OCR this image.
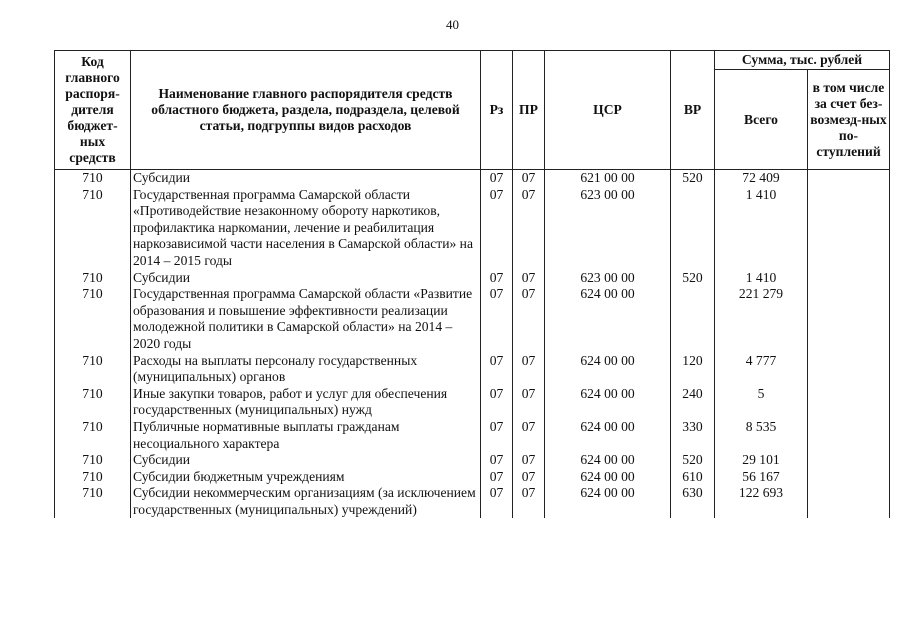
40
Код главного распоря-дителя бюджет-ных средств	Наименование главного распорядителя средств областного бюджета, раздела, подраздела, целевой статьи, подгруппы видов расходов	Рз	ПР	ЦСР	ВР	Сумма, тыс. рублей	
						Всего	в том числе за счет без-возмезд-ных по-ступлений
710	Субсидии	07	07	621 00 00	520	72 409	
710	Государственная программа Самарской области «Противодействие незаконному обороту наркотиков, профилактика наркомании, лечение и реабилитация наркозависимой части населения в Самарской области» на 2014 – 2015 годы	07	07	623 00 00		1 410	
710	Субсидии	07	07	623 00 00	520	1 410	
710	Государственная программа Самарской области «Развитие образования и повышение эффективности реализации молодежной политики в Самарской области» на 2014 – 2020 годы	07	07	624 00 00		221 279	
710	Расходы на выплаты персоналу государственных (муниципальных) органов	07	07	624 00 00	120	4 777	
710	Иные закупки товаров, работ и услуг для обеспечения государственных (муниципальных) нужд	07	07	624 00 00	240	5	
710	Публичные нормативные выплаты гражданам несоциального характера	07	07	624 00 00	330	8 535	
710	Субсидии	07	07	624 00 00	520	29 101	
710	Субсидии бюджетным учреждениям	07	07	624 00 00	610	56 167	
710	Субсидии некоммерческим организациям (за исключением государственных (муниципальных) учреждений)	07	07	624 00 00	630	122 693	
